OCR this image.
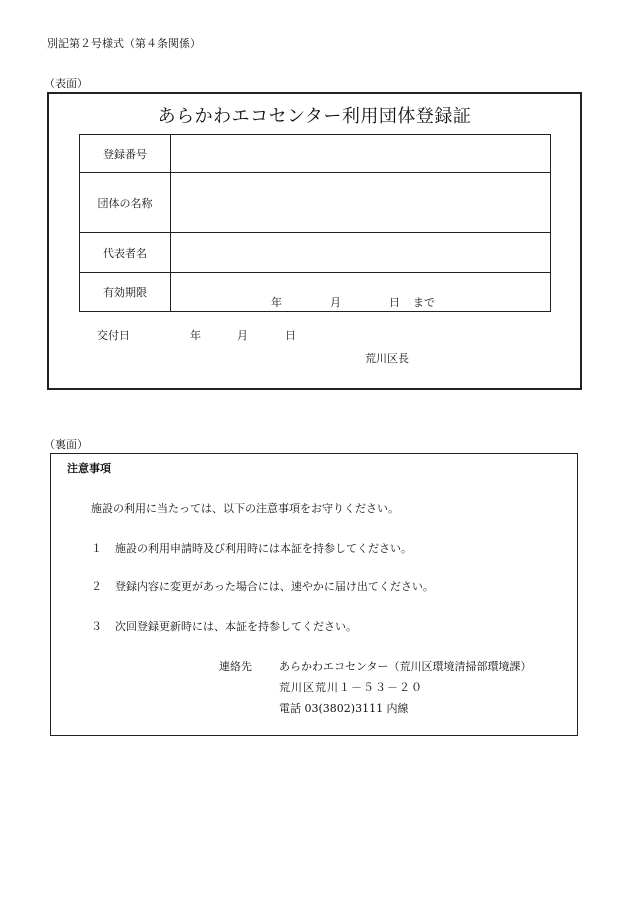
別記第２号様式（第４条関係）
（表面）
あらかわエコセンター利用団体登録証
登録番号	
団体の名称	
代表者名	
有効期限	年 月 日 まで
交付日	年	月	日
荒川区長
（裏面）
注意事項
施設の利用に当たっては、以下の注意事項をお守りください。
１ 施設の利用申請時及び利用時には本証を持参してください。
２ 登録内容に変更があった場合には、速やかに届け出てください。
３ 次回登録更新時には、本証を持参してください。
連絡先 あらかわエコセンター（荒川区環境清掃部環境課）
荒川区荒川１－５３－２０
電話 03(3802)3111 内線
